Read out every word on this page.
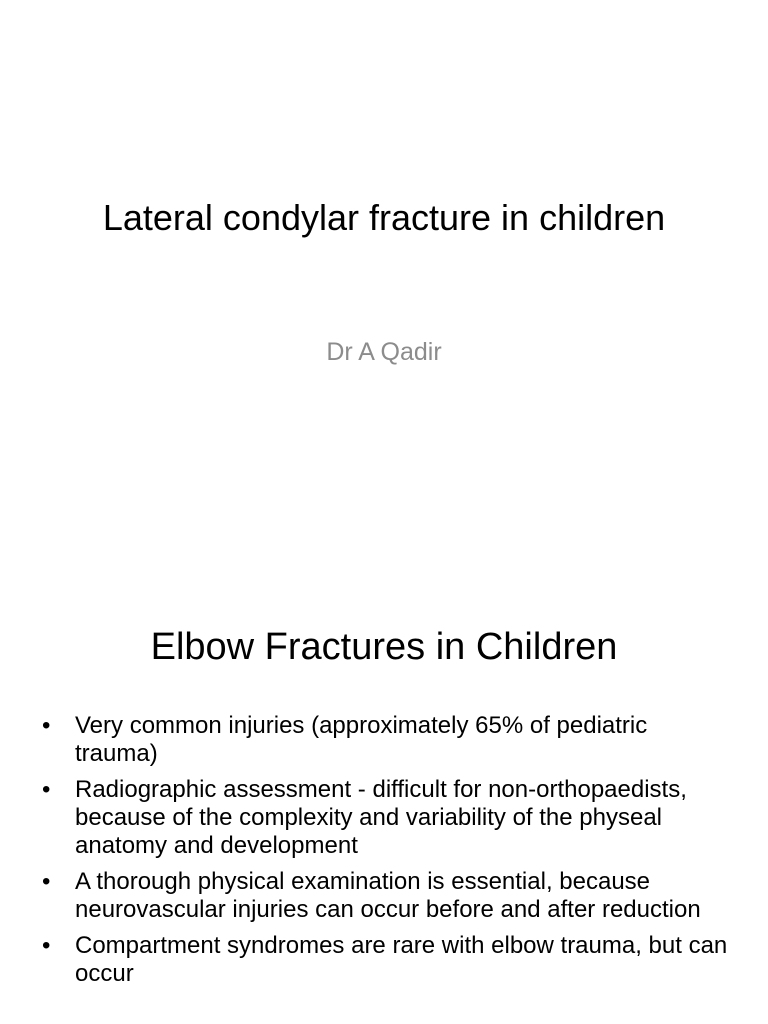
Lateral condylar fracture in children

Dr A Qadir

Elbow Fractures in Children
• Very common injuries (approximately 65% of pediatric trauma)
• Radiographic assessment - difficult for non-orthopaedists, because of the complexity and variability of the physeal anatomy and development
• A thorough physical examination is essential, because neurovascular injuries can occur before and after reduction
• Compartment syndromes are rare with elbow trauma, but can occur
